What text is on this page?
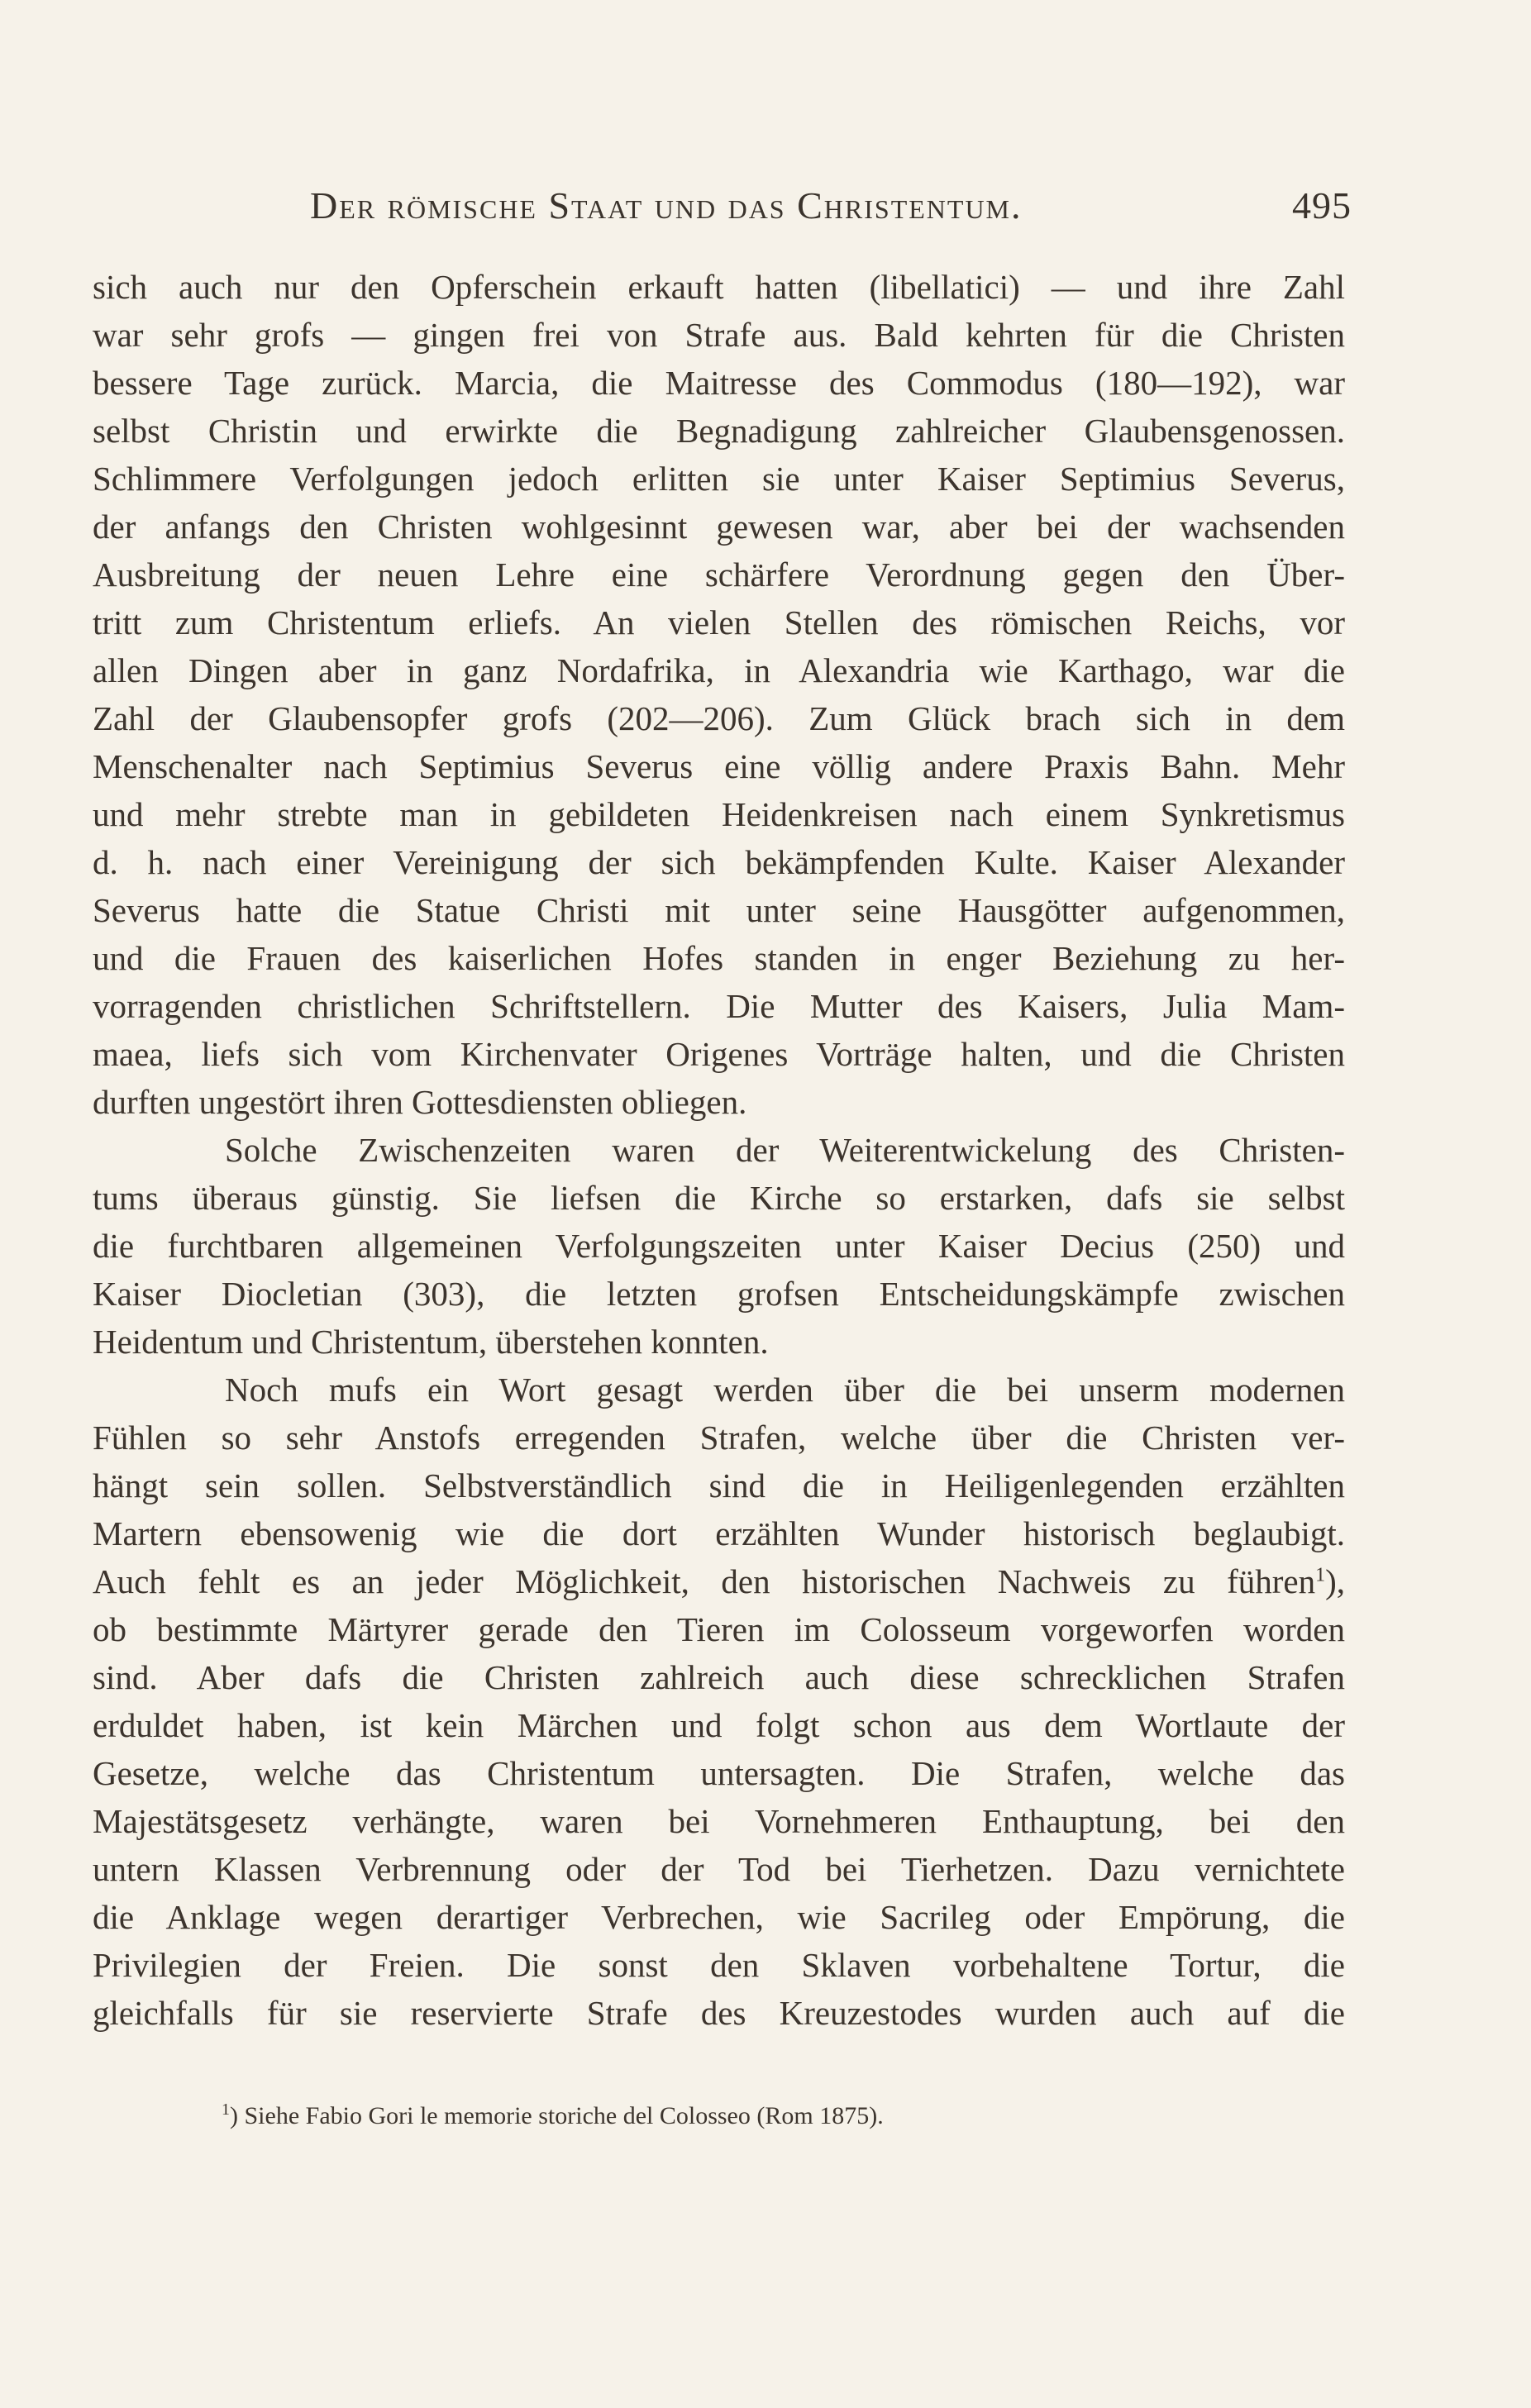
Der römische Staat und das Christentum.	495
sich auch nur den Opferschein erkauft hatten (libellatici) — und ihre Zahl
war sehr grofs — gingen frei von Strafe aus. Bald kehrten für die Christen
bessere Tage zurück. Marcia, die Maitresse des Commodus (180—192), war
selbst Christin und erwirkte die Begnadigung zahlreicher Glaubensgenossen.
Schlimmere Verfolgungen jedoch erlitten sie unter Kaiser Septimius Severus,
der anfangs den Christen wohlgesinnt gewesen war, aber bei der wachsenden
Ausbreitung der neuen Lehre eine schärfere Verordnung gegen den Über-
tritt zum Christentum erliefs. An vielen Stellen des römischen Reichs, vor
allen Dingen aber in ganz Nordafrika, in Alexandria wie Karthago, war die
Zahl der Glaubensopfer grofs (202—206). Zum Glück brach sich in dem
Menschenalter nach Septimius Severus eine völlig andere Praxis Bahn. Mehr
und mehr strebte man in gebildeten Heidenkreisen nach einem Synkretismus
d. h. nach einer Vereinigung der sich bekämpfenden Kulte. Kaiser Alexander
Severus hatte die Statue Christi mit unter seine Hausgötter aufgenommen,
und die Frauen des kaiserlichen Hofes standen in enger Beziehung zu her-
vorragenden christlichen Schriftstellern. Die Mutter des Kaisers, Julia Mam-
maea, liefs sich vom Kirchenvater Origenes Vorträge halten, und die Christen
durften ungestört ihren Gottesdiensten obliegen.
Solche Zwischenzeiten waren der Weiterentwickelung des Christen-
tums überaus günstig. Sie liefsen die Kirche so erstarken, dafs sie selbst
die furchtbaren allgemeinen Verfolgungszeiten unter Kaiser Decius (250) und
Kaiser Diocletian (303), die letzten grofsen Entscheidungskämpfe zwischen
Heidentum und Christentum, überstehen konnten.
Noch mufs ein Wort gesagt werden über die bei unserm modernen
Fühlen so sehr Anstofs erregenden Strafen, welche über die Christen ver-
hängt sein sollen. Selbstverständlich sind die in Heiligenlegenden erzählten
Martern ebensowenig wie die dort erzählten Wunder historisch beglaubigt.
Auch fehlt es an jeder Möglichkeit, den historischen Nachweis zu führen$^1$),
ob bestimmte Märtyrer gerade den Tieren im Colosseum vorgeworfen worden
sind. Aber dafs die Christen zahlreich auch diese schrecklichen Strafen
erduldet haben, ist kein Märchen und folgt schon aus dem Wortlaute der
Gesetze, welche das Christentum untersagten. Die Strafen, welche das
Majestätsgesetz verhängte, waren bei Vornehmeren Enthauptung, bei den
untern Klassen Verbrennung oder der Tod bei Tierhetzen. Dazu vernichtete
die Anklage wegen derartiger Verbrechen, wie Sacrileg oder Empörung, die
Privilegien der Freien. Die sonst den Sklaven vorbehaltene Tortur, die
gleichfalls für sie reservierte Strafe des Kreuzestodes wurden auch auf die
$^1$) Siehe Fabio Gori le memorie storiche del Colosseo (Rom 1875).
